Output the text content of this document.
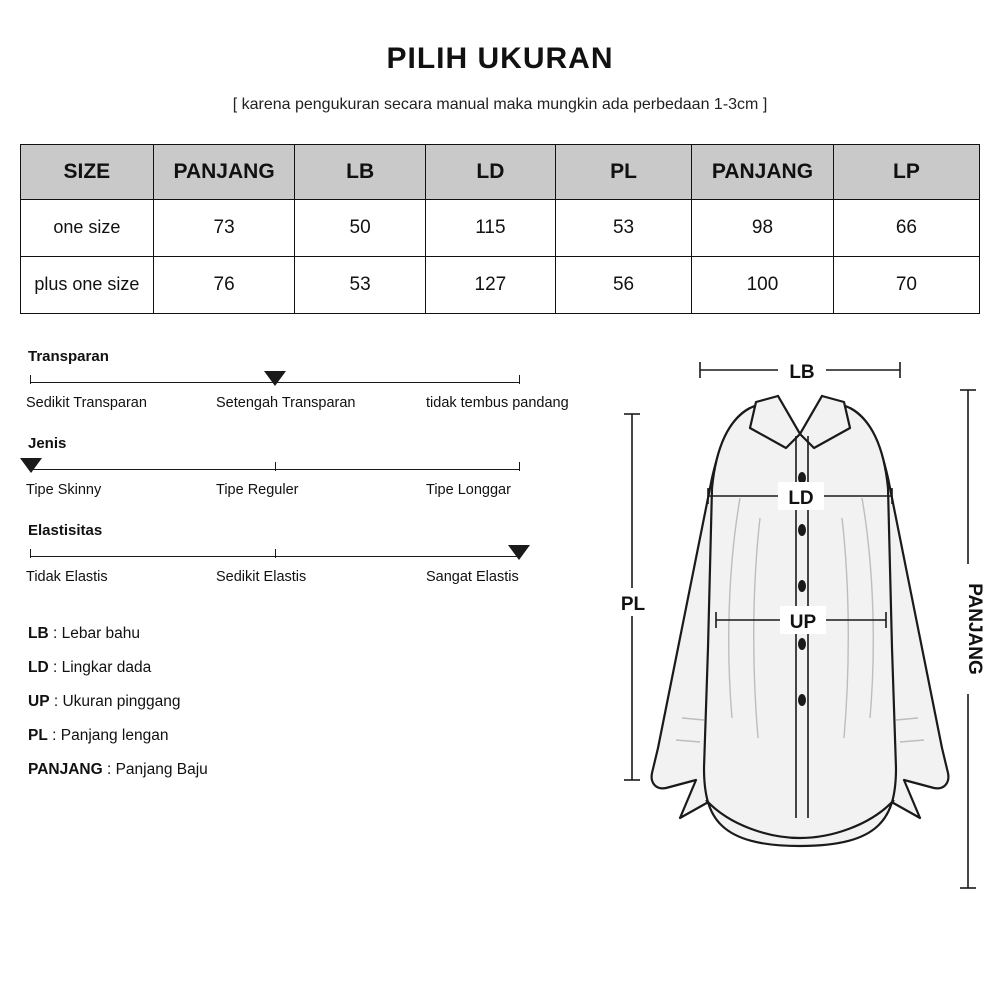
PILIH UKURAN
[ karena pengukuran secara manual maka mungkin ada perbedaan 1-3cm ]
SIZE	PANJANG	LB	LD	PL	PANJANG	LP
one size	73	50	115	53	98	66
plus one size	76	53	127	56	100	70
Transparan
Sedikit Transparan	Setengah Transparan	tidak tembus pandang
Jenis
Tipe Skinny	Tipe Reguler	Tipe Longgar
Elastisitas
Tidak Elastis	Sedikit Elastis	Sangat Elastis
LB : Lebar bahu
LD : Lingkar dada
UP : Ukuran pinggang
PL : Panjang lengan
PANJANG : Panjang Baju
LB
LD
UP
PL	PANJANG
